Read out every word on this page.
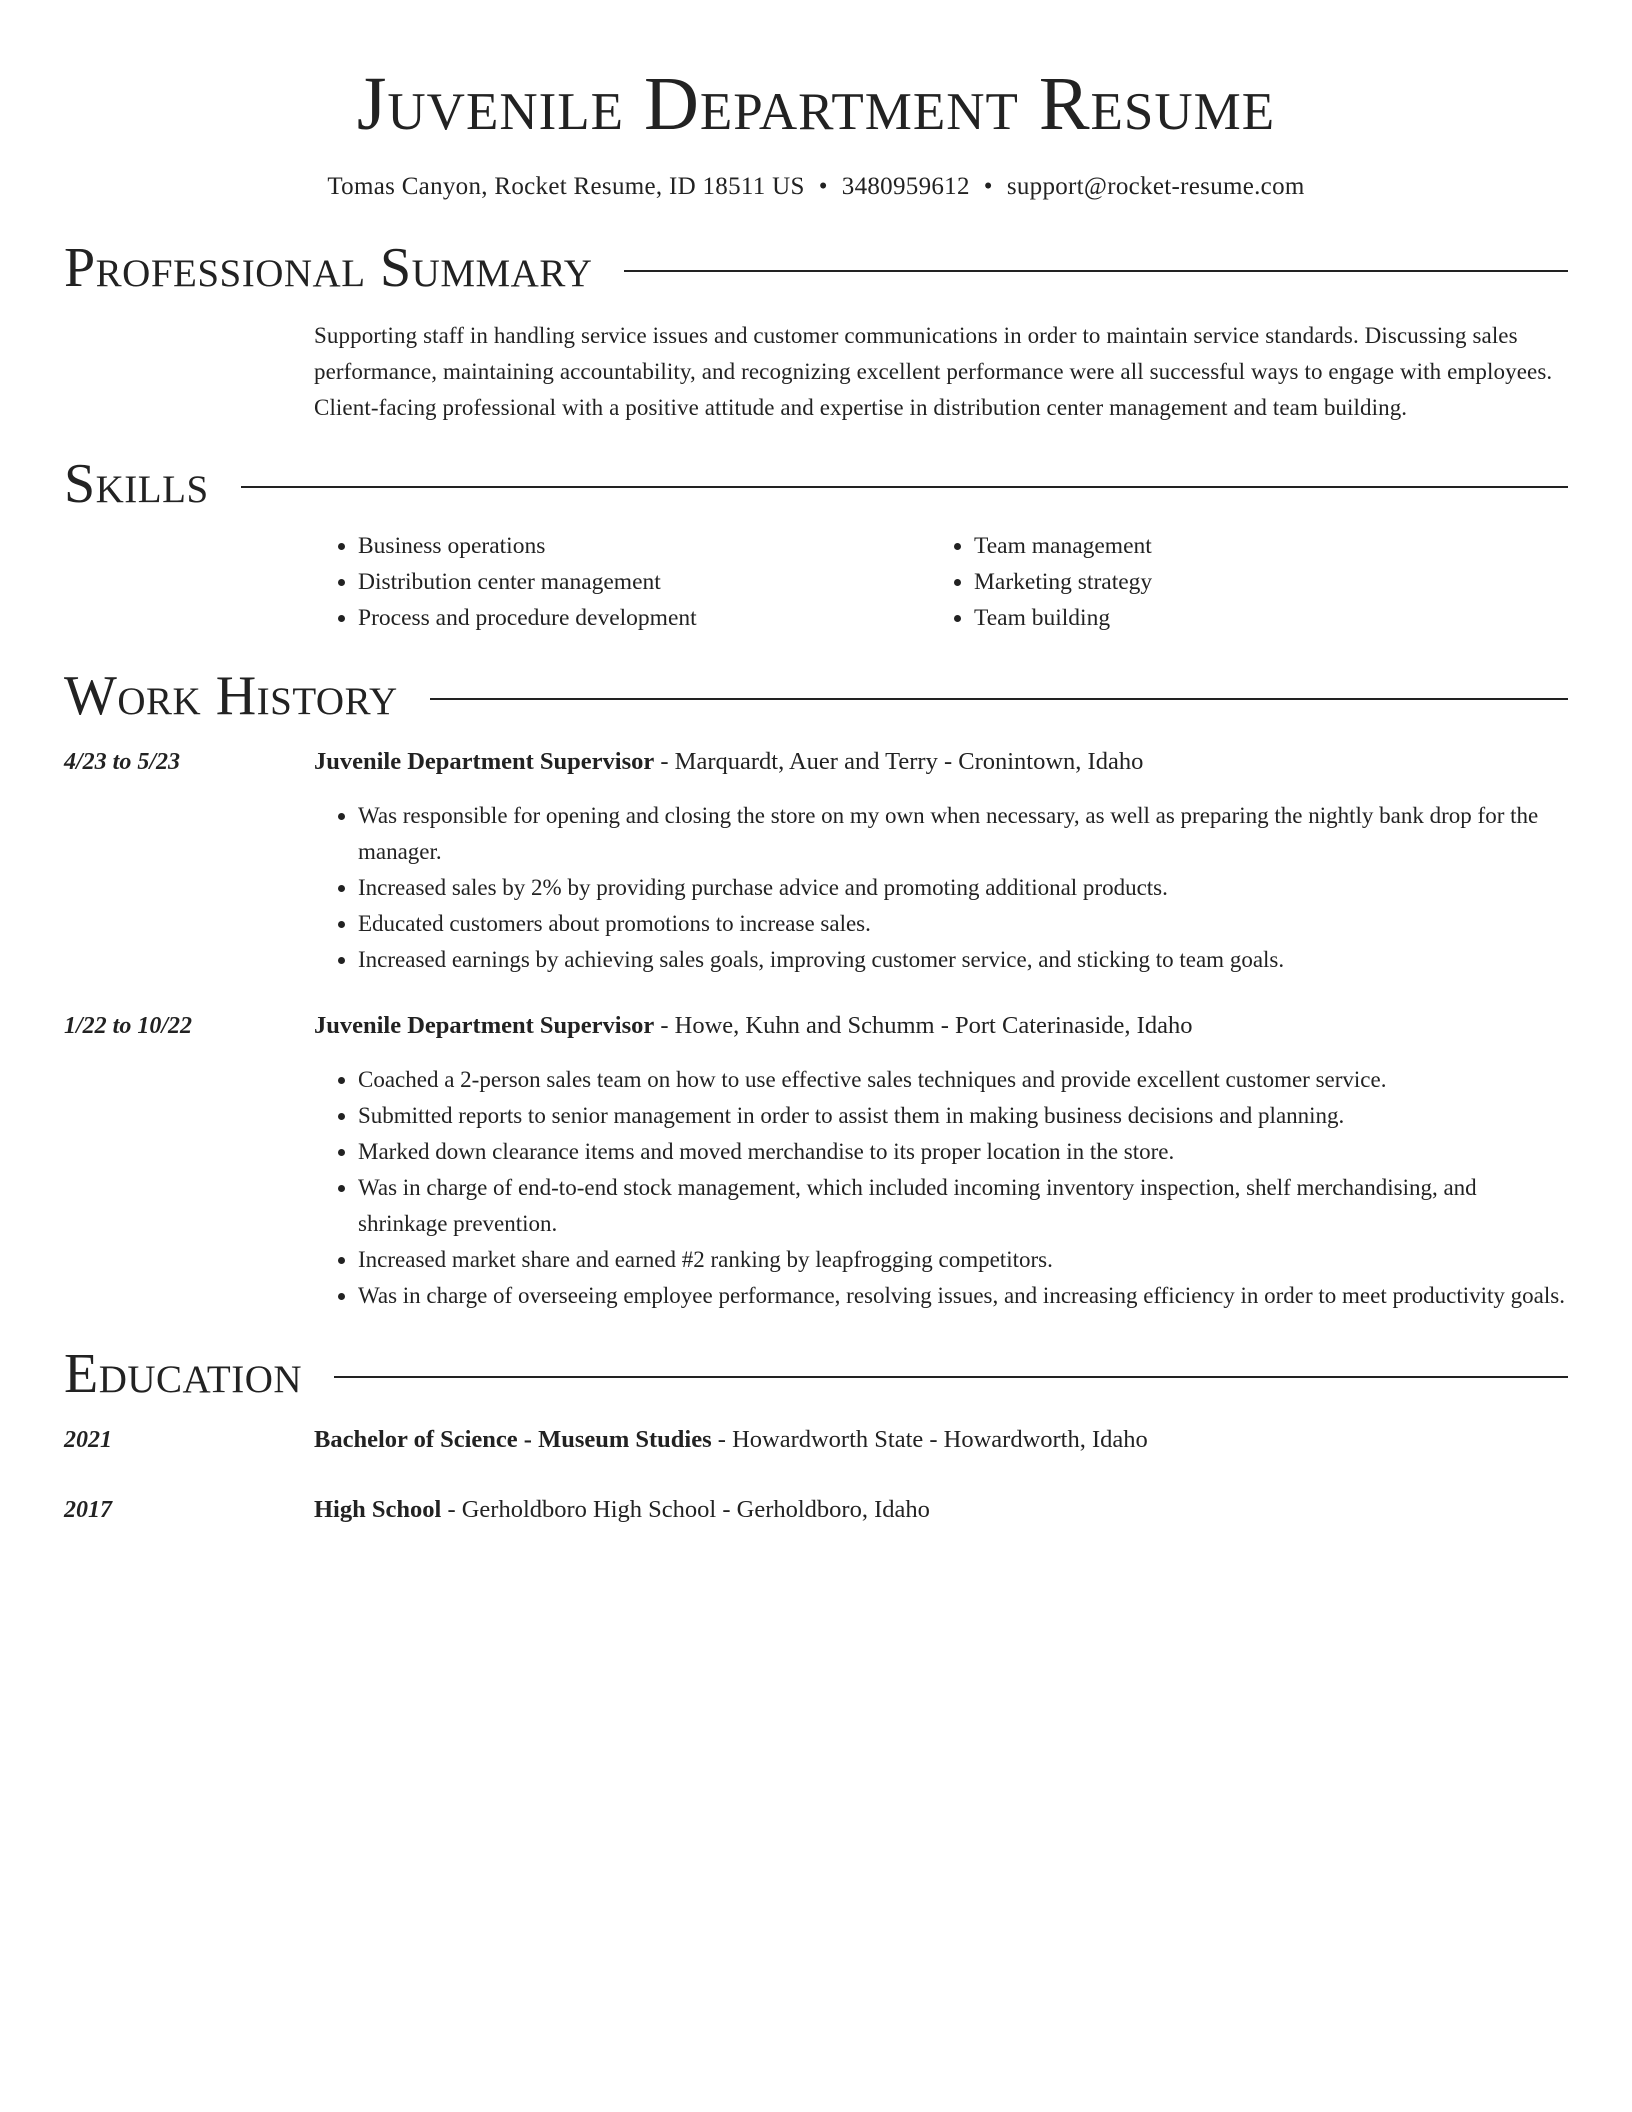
Juvenile Department Resume
Tomas Canyon, Rocket Resume, ID 18511 US • 3480959612 • support@rocket-resume.com
Professional Summary
Supporting staff in handling service issues and customer communications in order to maintain service standards. Discussing sales performance, maintaining accountability, and recognizing excellent performance were all successful ways to engage with employees. Client-facing professional with a positive attitude and expertise in distribution center management and team building.
Skills
• Business operations
• Distribution center management
• Process and procedure development
• Team management
• Marketing strategy
• Team building
Work History
4/23 to 5/23	Juvenile Department Supervisor - Marquardt, Auer and Terry - Cronintown, Idaho
• Was responsible for opening and closing the store on my own when necessary, as well as preparing the nightly bank drop for the manager.
• Increased sales by 2% by providing purchase advice and promoting additional products.
• Educated customers about promotions to increase sales.
• Increased earnings by achieving sales goals, improving customer service, and sticking to team goals.
1/22 to 10/22	Juvenile Department Supervisor - Howe, Kuhn and Schumm - Port Caterinaside, Idaho
• Coached a 2-person sales team on how to use effective sales techniques and provide excellent customer service.
• Submitted reports to senior management in order to assist them in making business decisions and planning.
• Marked down clearance items and moved merchandise to its proper location in the store.
• Was in charge of end-to-end stock management, which included incoming inventory inspection, shelf merchandising, and shrinkage prevention.
• Increased market share and earned #2 ranking by leapfrogging competitors.
• Was in charge of overseeing employee performance, resolving issues, and increasing efficiency in order to meet productivity goals.
Education
2021	Bachelor of Science - Museum Studies - Howardworth State - Howardworth, Idaho
2017	High School - Gerholdboro High School - Gerholdboro, Idaho
